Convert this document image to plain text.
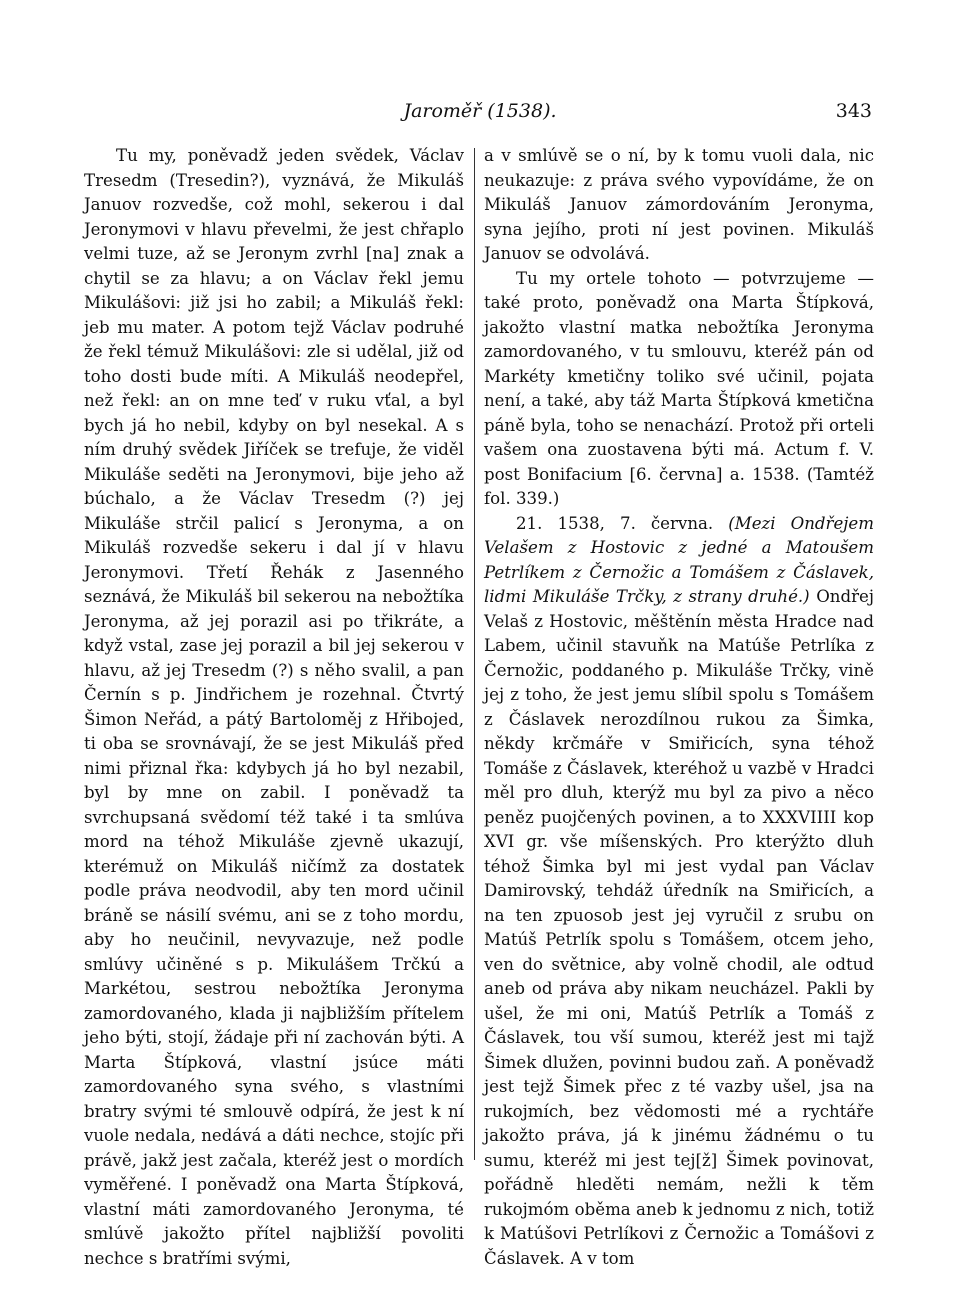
Jaroměř (1538).	343

Tu my, poněvadž jeden svědek, Václav Tresedm (Tresedin?), vyznává, že Mikuláš Januov rozvedše, což mohl, sekerou i dal Jeronymovi v hlavu převelmi, že jest chřaplo velmi tuze, až se Jeronym zvrhl [na] znak a chytil se za hlavu; a on Václav řekl jemu Mikulášovi: již jsi ho zabil; a Mikuláš řekl: jeb mu mater. A potom tejž Václav podruhé že řekl témuž Mikulášovi: zle si udělal, již od toho dosti bude míti. A Mikuláš neodepřel, než řekl: an on mne teď v ruku vťal, a byl bych já ho nebil, kdyby on byl nesekal. A s ním druhý svědek Jiříček se trefuje, že viděl Mikuláše seděti na Jeronymovi, bije jeho až búchalo, a že Václav Tresedm (?) jej Mikuláše strčil palicí s Jeronyma, a on Mikuláš rozvedše sekeru i dal jí v hlavu Jeronymovi. Třetí Řehák z Jasenného seznává, že Mikuláš bil sekerou na nebožtíka Jeronyma, až jej porazil asi po třikráte, a když vstal, zase jej porazil a bil jej sekerou v hlavu, až jej Tresedm (?) s něho svalil, a pan Černín s p. Jindřichem je rozehnal. Čtvrtý Šimon Neřád, a pátý Bartoloměj z Hřibojed, ti oba se srovnávají, že se jest Mikuláš před nimi přiznal řka: kdybych já ho byl nezabil, byl by mne on zabil. I poněvadž ta svrchupsaná svědomí též také i ta smlúva mord na téhož Mikuláše zjevně ukazují, kterémuž on Mikuláš ničímž za dostatek podle práva neodvodil, aby ten mord učinil bráně se násilí svému, ani se z toho mordu, aby ho neučinil, nevyvazuje, než podle smlúvy učiněné s p. Mikulášem Trčkú a Markétou, sestrou nebožtíka Jeronyma zamordovaného, klada ji najbližším přítelem jeho býti, stojí, žádaje při ní zachován býti. A Marta Štípková, vlastní jsúce máti zamordovaného syna svého, s vlastními bratry svými té smlouvě odpírá, že jest k ní vuole nedala, nedává a dáti nechce, stojíc při právě, jakž jest začala, kteréž jest o mordích vyměřené. I poněvadž ona Marta Štípková, vlastní máti zamordovaného Jeronyma, té smlúvě jakožto přítel najbližší povoliti nechce s bratřími svými,

a v smlúvě se o ní, by k tomu vuoli dala, nic neukazuje: z práva svého vypovídáme, že on Mikuláš Januov zámordováním Jeronyma, syna jejího, proti ní jest povinen. Mikuláš Januov se odvolává.

Tu my ortele tohoto — potvrzujeme — také proto, poněvadž ona Marta Štípková, jakožto vlastní matka nebožtíka Jeronyma zamordovaného, v tu smlouvu, kteréž pán od Markéty kmetičny toliko své učinil, pojata není, a také, aby táž Marta Štípková kmetična páně byla, toho se nenachází. Protož při orteli vašem ona zuostavena býti má. Actum f. V. post Bonifacium [6. června] a. 1538. (Tamtéž fol. 339.)

21. 1538, 7. června. (Mezi Ondřejem Velašem z Hostovic z jedné a Matoušem Petrlíkem z Černožic a Tomášem z Čáslavek, lidmi Mikuláše Trčky, z strany druhé.) Ondřej Velaš z Hostovic, měštěnín města Hradce nad Labem, učinil stavuňk na Matúše Petrlíka z Černožic, poddaného p. Mikuláše Trčky, vině jej z toho, že jest jemu slíbil spolu s Tomášem z Čáslavek nerozdílnou rukou za Šimka, někdy krčmáře v Smiřicích, syna téhož Tomáše z Čáslavek, kteréhož u vazbě v Hradci měl pro dluh, kterýž mu byl za pivo a něco peněz puojčených povinen, a to XXXVIIII kop XVI gr. vše míšenských. Pro kterýžto dluh téhož Šimka byl mi jest vydal pan Václav Damirovský, tehdáž úředník na Smiřicích, a na ten zpuosob jest jej vyručil z srubu on Matúš Petrlík spolu s Tomášem, otcem jeho, ven do světnice, aby volně chodil, ale odtud aneb od práva aby nikam neucházel. Pakli by ušel, že mi oni, Matúš Petrlík a Tomáš z Čáslavek, tou vší sumou, kteréž jest mi tajž Šimek dlužen, povinni budou zaň. A poněvadž jest tejž Šimek přec z té vazby ušel, jsa na rukojmích, bez vědomosti mé a rychtáře jakožto práva, já k jinému žádnému o tu sumu, kteréž mi jest tej[ž] Šimek povinovat, pořádně hleděti nemám, nežli k těm rukojmóm oběma aneb k jednomu z nich, totiž k Matúšovi Petrlíkovi z Černožic a Tomášovi z Čáslavek. A v tom
